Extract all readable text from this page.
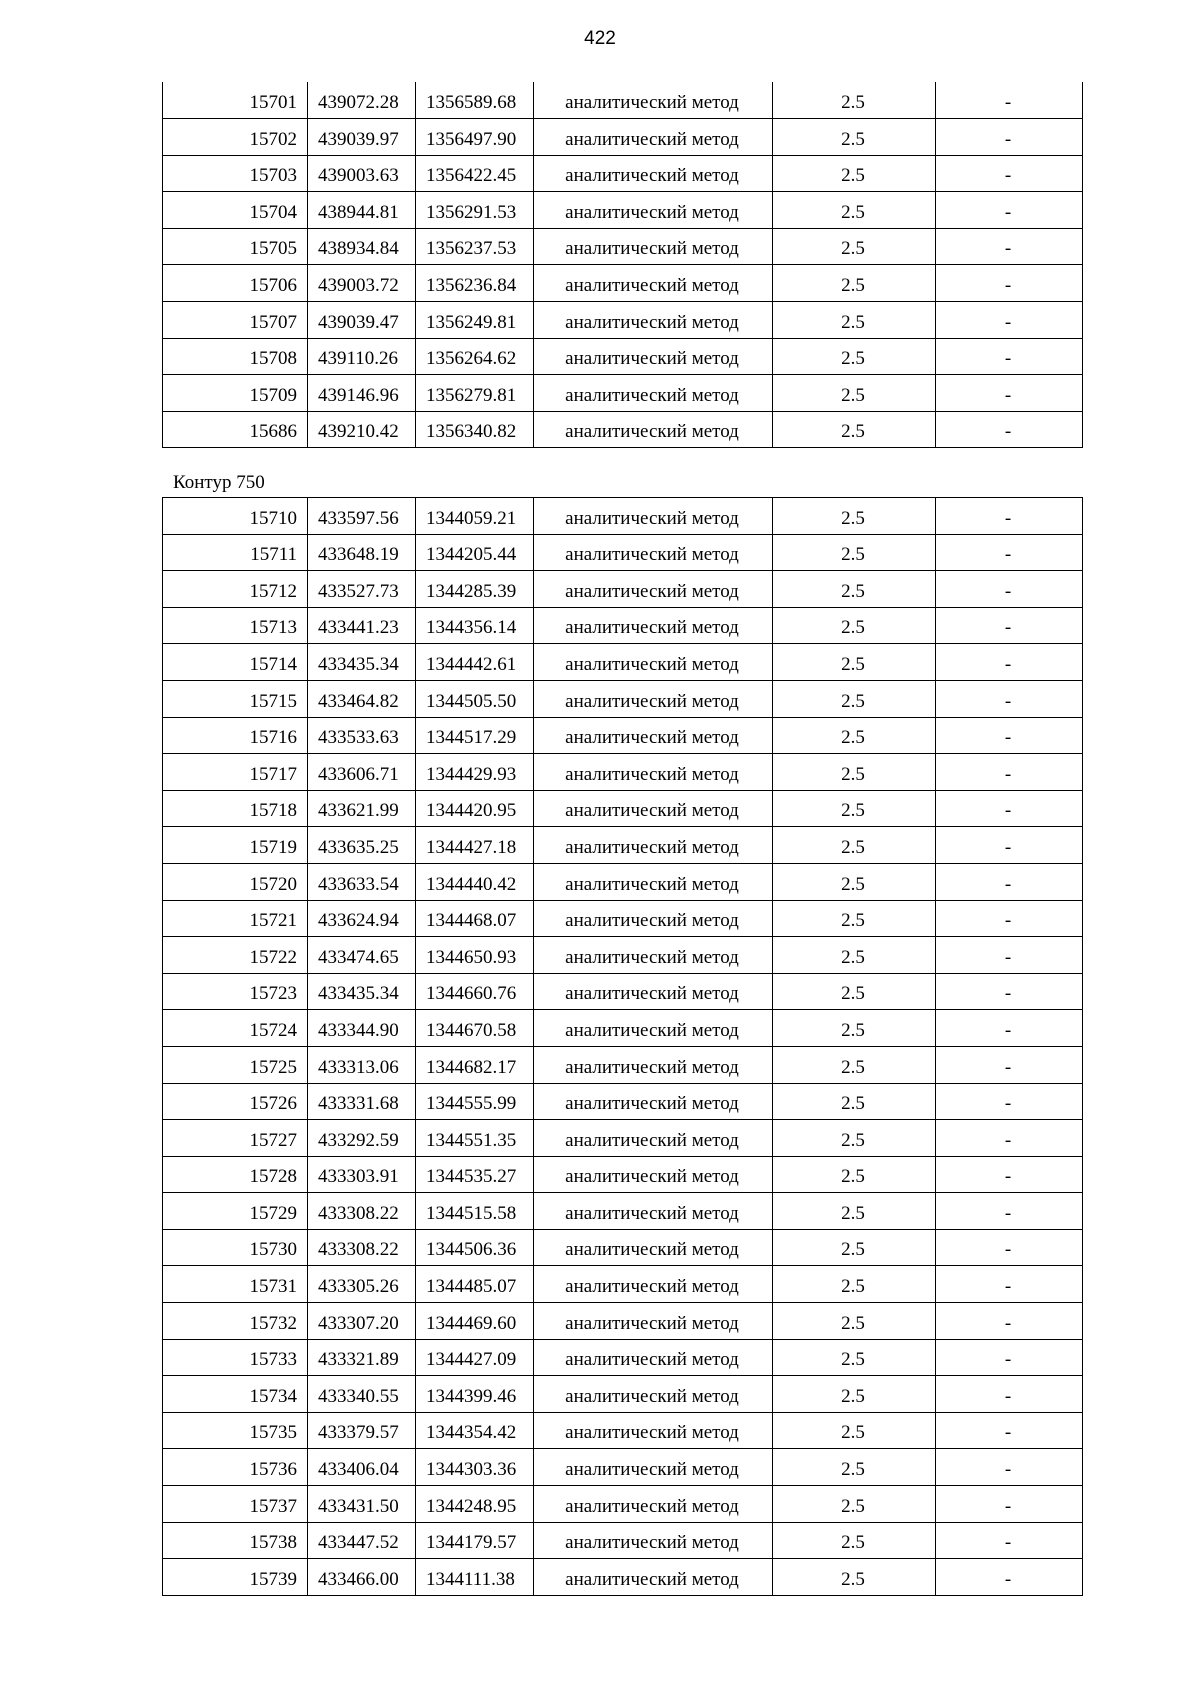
422
15701	439072.28	1356589.68	аналитический метод	2.5	-
15702	439039.97	1356497.90	аналитический метод	2.5	-
15703	439003.63	1356422.45	аналитический метод	2.5	-
15704	438944.81	1356291.53	аналитический метод	2.5	-
15705	438934.84	1356237.53	аналитический метод	2.5	-
15706	439003.72	1356236.84	аналитический метод	2.5	-
15707	439039.47	1356249.81	аналитический метод	2.5	-
15708	439110.26	1356264.62	аналитический метод	2.5	-
15709	439146.96	1356279.81	аналитический метод	2.5	-
15686	439210.42	1356340.82	аналитический метод	2.5	-
Контур 750
15710	433597.56	1344059.21	аналитический метод	2.5	-
15711	433648.19	1344205.44	аналитический метод	2.5	-
15712	433527.73	1344285.39	аналитический метод	2.5	-
15713	433441.23	1344356.14	аналитический метод	2.5	-
15714	433435.34	1344442.61	аналитический метод	2.5	-
15715	433464.82	1344505.50	аналитический метод	2.5	-
15716	433533.63	1344517.29	аналитический метод	2.5	-
15717	433606.71	1344429.93	аналитический метод	2.5	-
15718	433621.99	1344420.95	аналитический метод	2.5	-
15719	433635.25	1344427.18	аналитический метод	2.5	-
15720	433633.54	1344440.42	аналитический метод	2.5	-
15721	433624.94	1344468.07	аналитический метод	2.5	-
15722	433474.65	1344650.93	аналитический метод	2.5	-
15723	433435.34	1344660.76	аналитический метод	2.5	-
15724	433344.90	1344670.58	аналитический метод	2.5	-
15725	433313.06	1344682.17	аналитический метод	2.5	-
15726	433331.68	1344555.99	аналитический метод	2.5	-
15727	433292.59	1344551.35	аналитический метод	2.5	-
15728	433303.91	1344535.27	аналитический метод	2.5	-
15729	433308.22	1344515.58	аналитический метод	2.5	-
15730	433308.22	1344506.36	аналитический метод	2.5	-
15731	433305.26	1344485.07	аналитический метод	2.5	-
15732	433307.20	1344469.60	аналитический метод	2.5	-
15733	433321.89	1344427.09	аналитический метод	2.5	-
15734	433340.55	1344399.46	аналитический метод	2.5	-
15735	433379.57	1344354.42	аналитический метод	2.5	-
15736	433406.04	1344303.36	аналитический метод	2.5	-
15737	433431.50	1344248.95	аналитический метод	2.5	-
15738	433447.52	1344179.57	аналитический метод	2.5	-
15739	433466.00	1344111.38	аналитический метод	2.5	-
